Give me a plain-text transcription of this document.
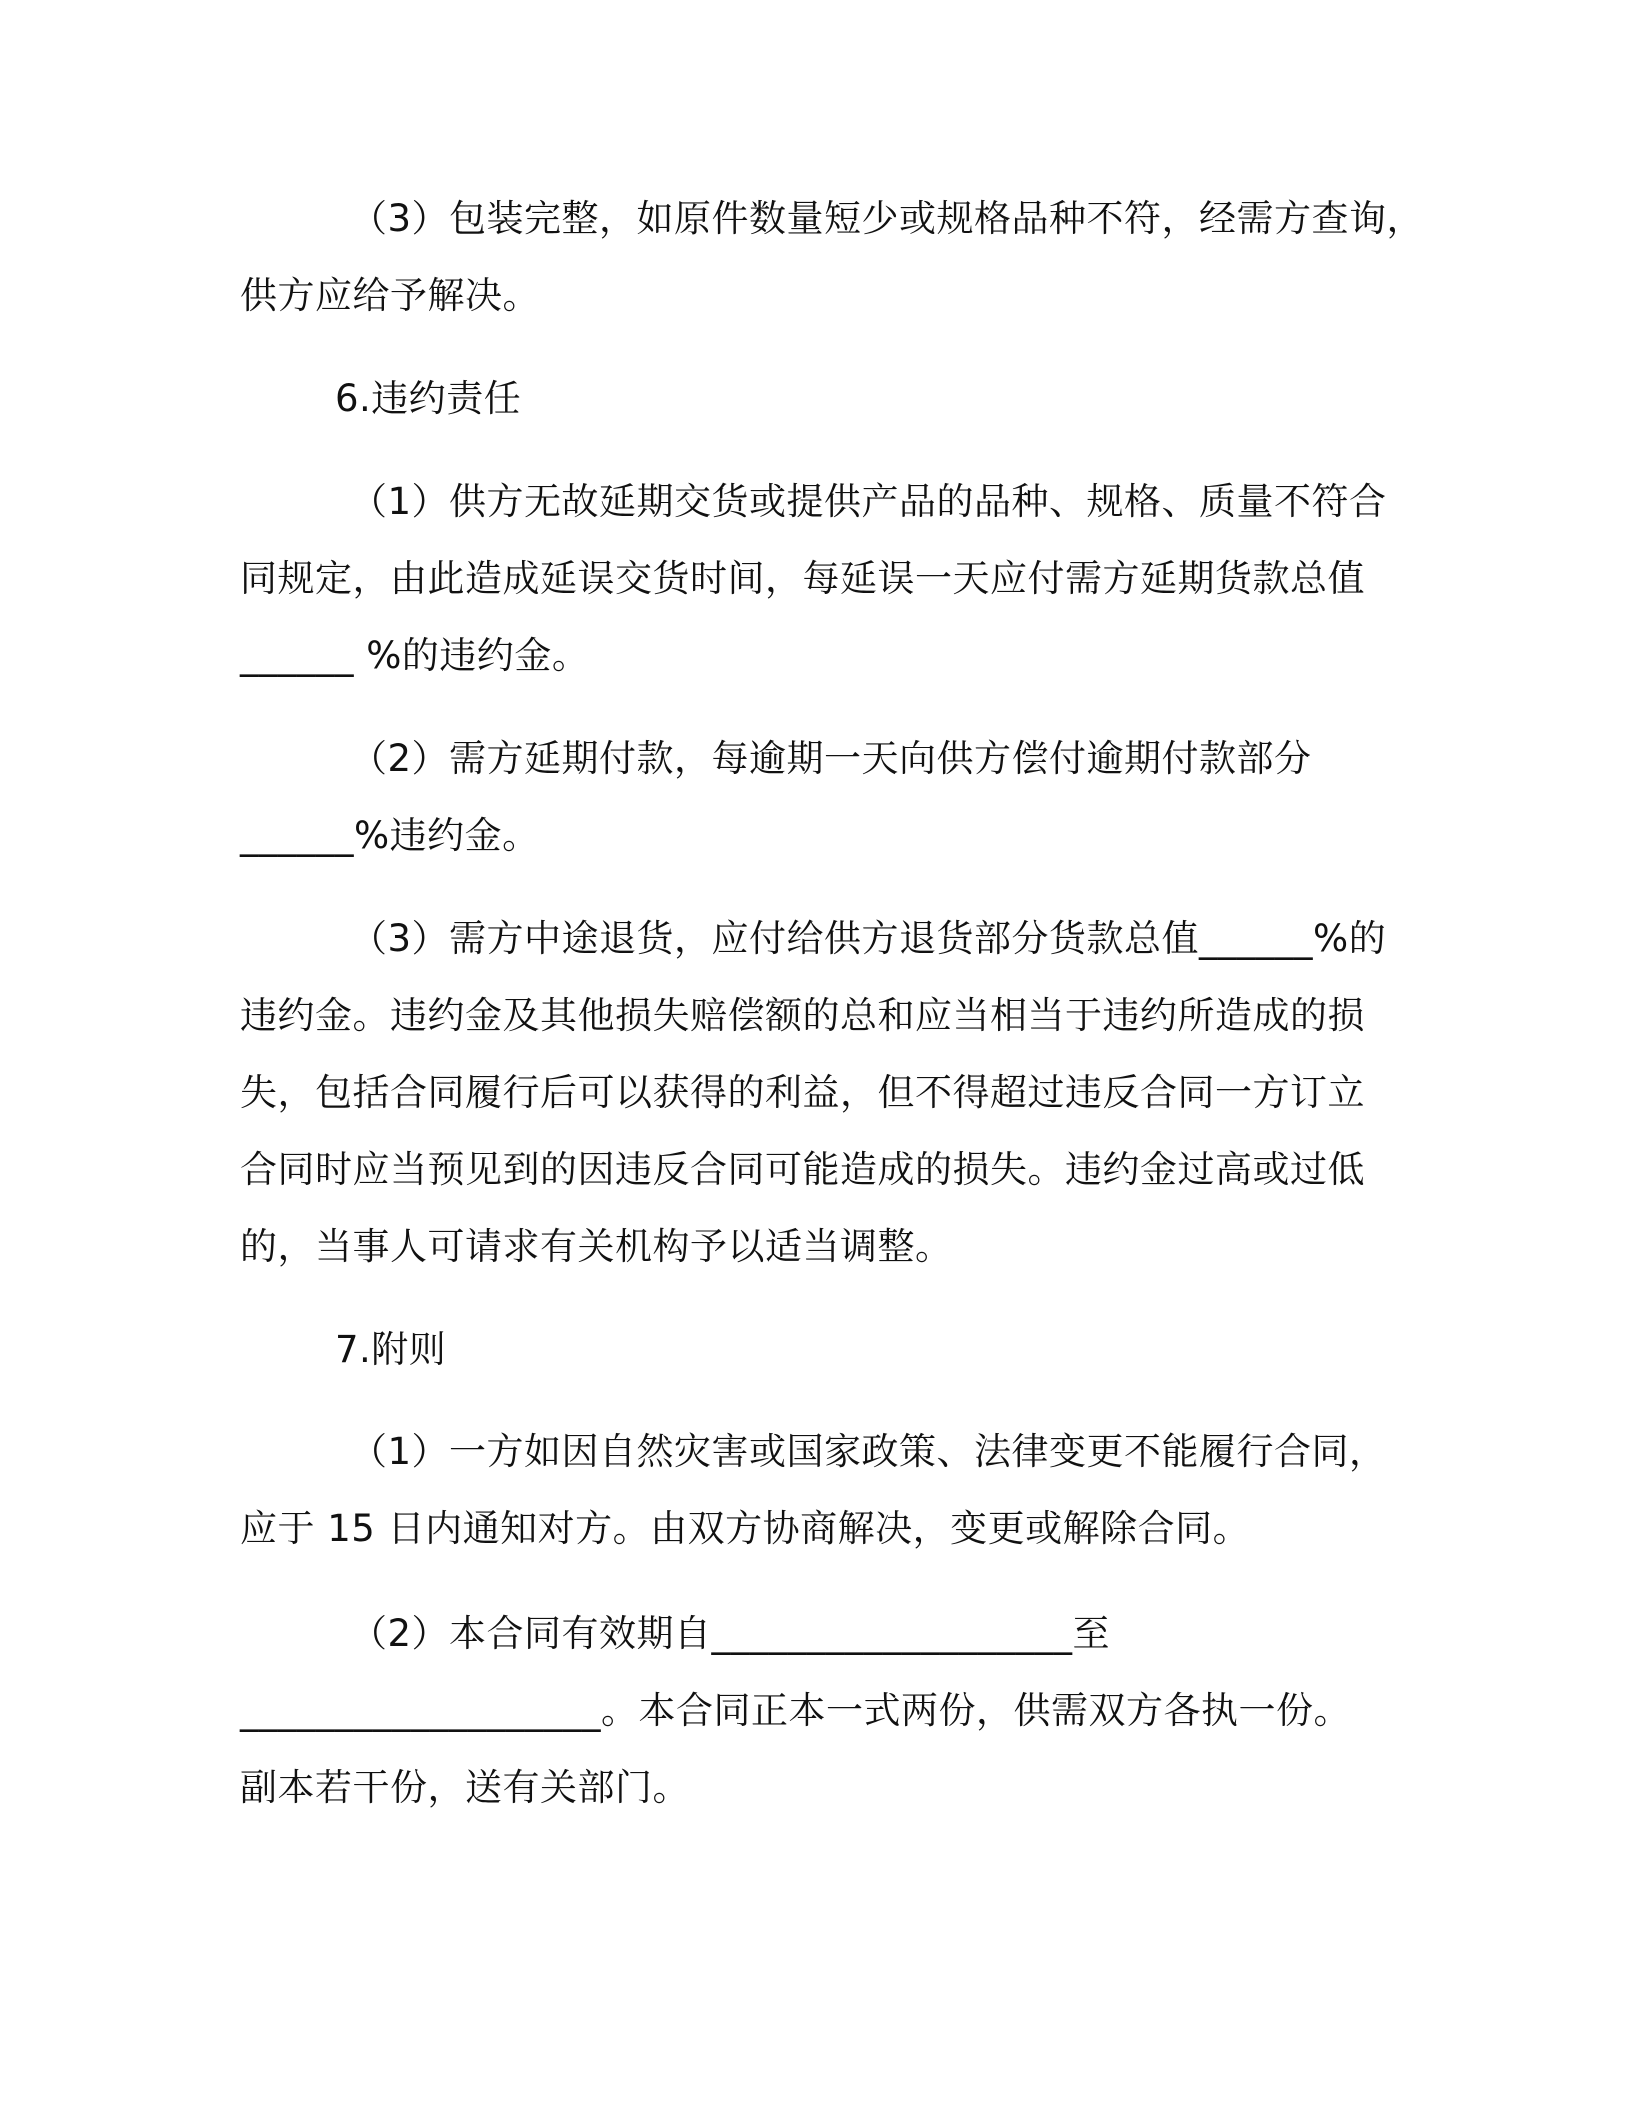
（3）包装完整，如原件数量短少或规格品种不符，经需方查询，
供方应给予解决。
6.违约责任
（1）供方无故延期交货或提供产品的品种、规格、质量不符合
同规定，由此造成延误交货时间，每延误一天应付需方延期货款总值
______ %的违约金。
（2）需方延期付款，每逾期一天向供方偿付逾期付款部分
______%违约金。
（3）需方中途退货，应付给供方退货部分货款总值______%的
违约金。违约金及其他损失赔偿额的总和应当相当于违约所造成的损
失，包括合同履行后可以获得的利益，但不得超过违反合同一方订立
合同时应当预见到的因违反合同可能造成的损失。违约金过高或过低
的，当事人可请求有关机构予以适当调整。
7.附则
（1）一方如因自然灾害或国家政策、法律变更不能履行合同，
应于 15 日内通知对方。由双方协商解决，变更或解除合同。
（2）本合同有效期自___________________至
___________________。本合同正本一式两份，供需双方各执一份。
副本若干份，送有关部门。
